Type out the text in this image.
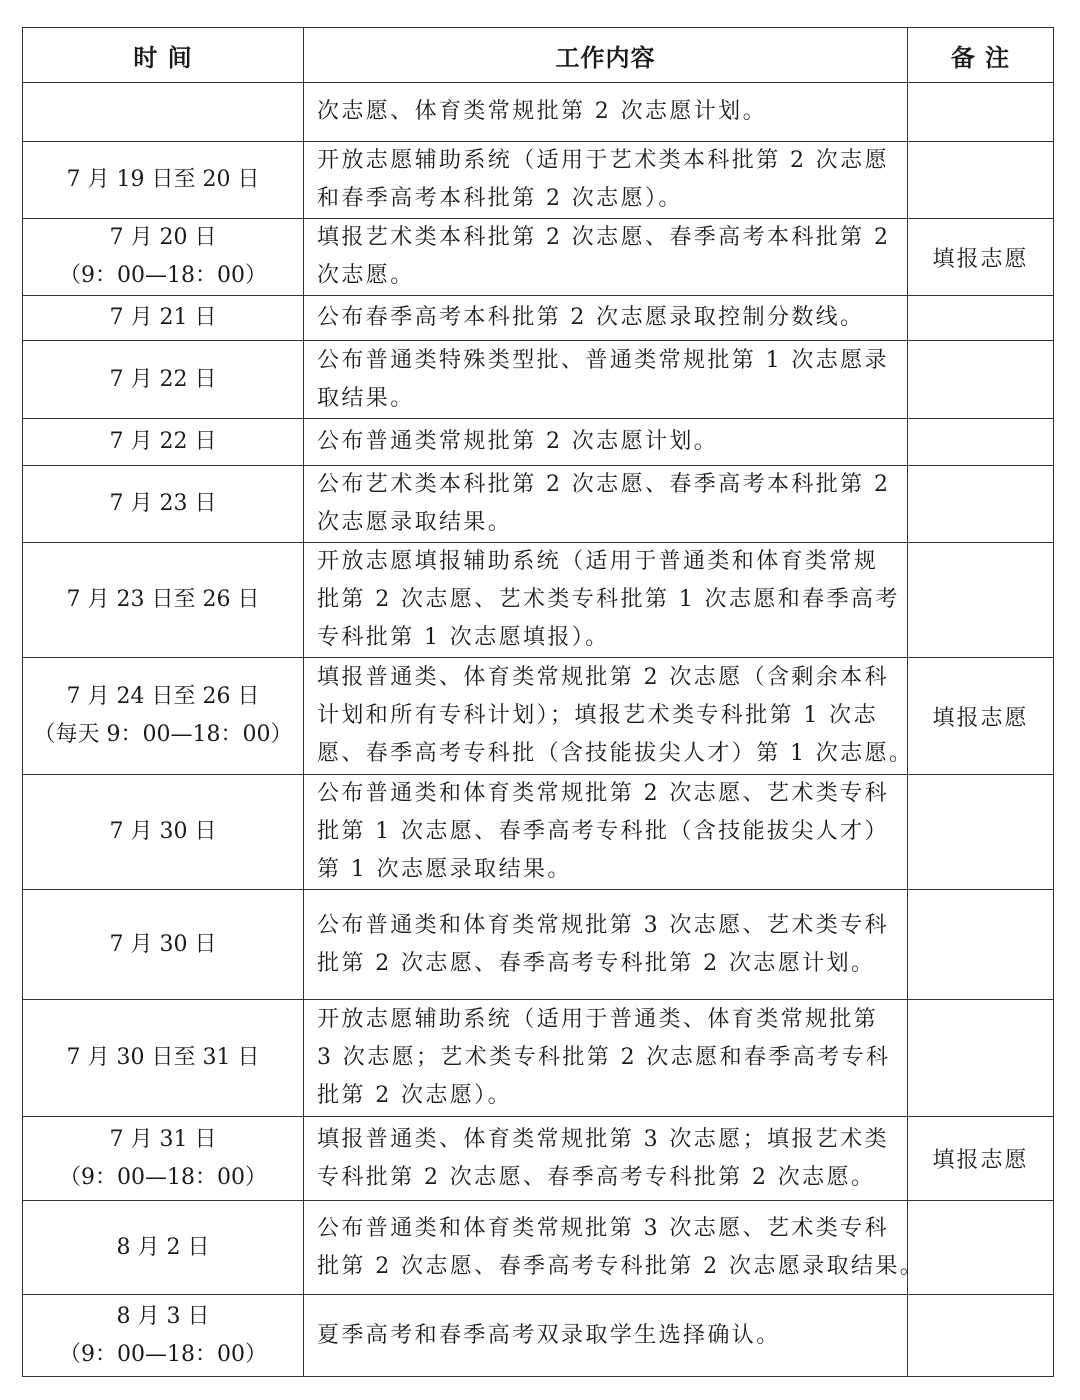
时 间	工作内容	备 注

	次志愿、体育类常规批第 2 次志愿计划。	

7 月 19 日至 20 日	开放志愿辅助系统（适用于艺术类本科批第 2 次志愿
和春季高考本科批第 2 次志愿）。	

7 月 20 日
（9：00—18：00）	填报艺术类本科批第 2 次志愿、春季高考本科批第 2
次志愿。	填报志愿

7 月 21 日	公布春季高考本科批第 2 次志愿录取控制分数线。	

7 月 22 日	公布普通类特殊类型批、普通类常规批第 1 次志愿录
取结果。	

7 月 22 日	公布普通类常规批第 2 次志愿计划。	

7 月 23 日	公布艺术类本科批第 2 次志愿、春季高考本科批第 2
次志愿录取结果。	

7 月 23 日至 26 日	开放志愿填报辅助系统（适用于普通类和体育类常规
批第 2 次志愿、艺术类专科批第 1 次志愿和春季高考
专科批第 1 次志愿填报）。	

7 月 24 日至 26 日
（每天 9：00—18：00）	填报普通类、体育类常规批第 2 次志愿（含剩余本科
计划和所有专科计划）；填报艺术类专科批第 1 次志
愿、春季高考专科批（含技能拔尖人才）第 1 次志愿。	填报志愿

7 月 30 日	公布普通类和体育类常规批第 2 次志愿、艺术类专科
批第 1 次志愿、春季高考专科批（含技能拔尖人才）
第 1 次志愿录取结果。	

7 月 30 日	公布普通类和体育类常规批第 3 次志愿、艺术类专科
批第 2 次志愿、春季高考专科批第 2 次志愿计划。	

7 月 30 日至 31 日	开放志愿辅助系统（适用于普通类、体育类常规批第
3 次志愿；艺术类专科批第 2 次志愿和春季高考专科
批第 2 次志愿）。	

7 月 31 日
（9：00—18：00）	填报普通类、体育类常规批第 3 次志愿；填报艺术类
专科批第 2 次志愿、春季高考专科批第 2 次志愿。	填报志愿

8 月 2 日	公布普通类和体育类常规批第 3 次志愿、艺术类专科
批第 2 次志愿、春季高考专科批第 2 次志愿录取结果。	

8 月 3 日
（9：00—18：00）	夏季高考和春季高考双录取学生选择确认。	
